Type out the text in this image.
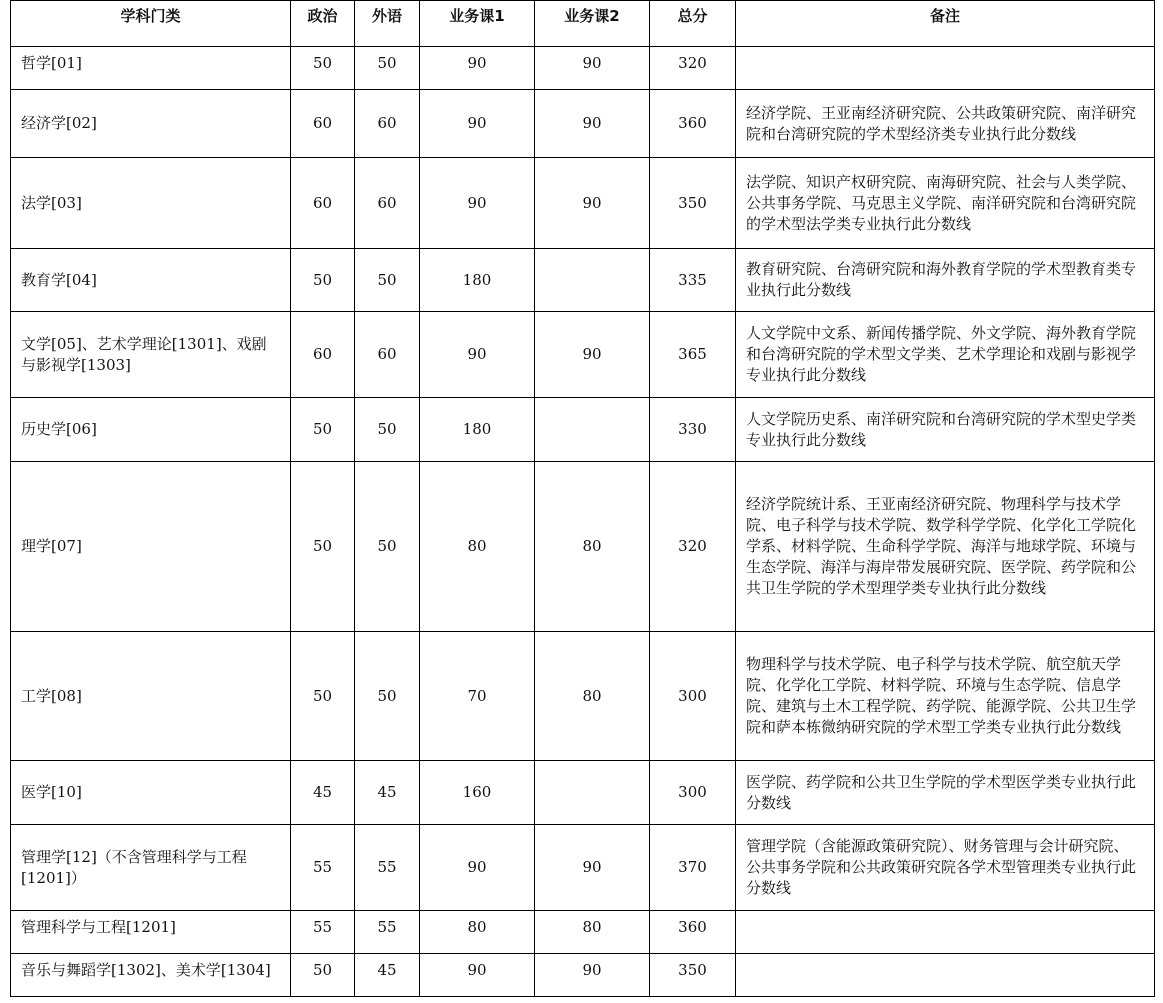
学科门类	政治	外语	业务课1	业务课2	总分	备注
哲学[01]	50	50	90	90	320	
经济学[02]	60	60	90	90	360	经济学院、王亚南经济研究院、公共政策研究院、南洋研究院和台湾研究院的学术型经济类专业执行此分数线
法学[03]	60	60	90	90	350	法学院、知识产权研究院、南海研究院、社会与人类学院、公共事务学院、马克思主义学院、南洋研究院和台湾研究院的学术型法学类专业执行此分数线
教育学[04]	50	50	180		335	教育研究院、台湾研究院和海外教育学院的学术型教育类专业执行此分数线
文学[05]、艺术学理论[1301]、戏剧与影视学[1303]	60	60	90	90	365	人文学院中文系、新闻传播学院、外文学院、海外教育学院和台湾研究院的学术型文学类、艺术学理论和戏剧与影视学专业执行此分数线
历史学[06]	50	50	180		330	人文学院历史系、南洋研究院和台湾研究院的学术型史学类专业执行此分数线
理学[07]	50	50	80	80	320	经济学院统计系、王亚南经济研究院、物理科学与技术学院、电子科学与技术学院、数学科学学院、化学化工学院化学系、材料学院、生命科学学院、海洋与地球学院、环境与生态学院、海洋与海岸带发展研究院、医学院、药学院和公共卫生学院的学术型理学类专业执行此分数线
工学[08]	50	50	70	80	300	物理科学与技术学院、电子科学与技术学院、航空航天学院、化学化工学院、材料学院、环境与生态学院、信息学院、建筑与土木工程学院、药学院、能源学院、公共卫生学院和萨本栋微纳研究院的学术型工学类专业执行此分数线
医学[10]	45	45	160		300	医学院、药学院和公共卫生学院的学术型医学类专业执行此分数线
管理学[12]（不含管理科学与工程[1201]）	55	55	90	90	370	管理学院（含能源政策研究院）、财务管理与会计研究院、公共事务学院和公共政策研究院各学术型管理类专业执行此分数线
管理科学与工程[1201]	55	55	80	80	360	
音乐与舞蹈学[1302]、美术学[1304]	50	45	90	90	350	
